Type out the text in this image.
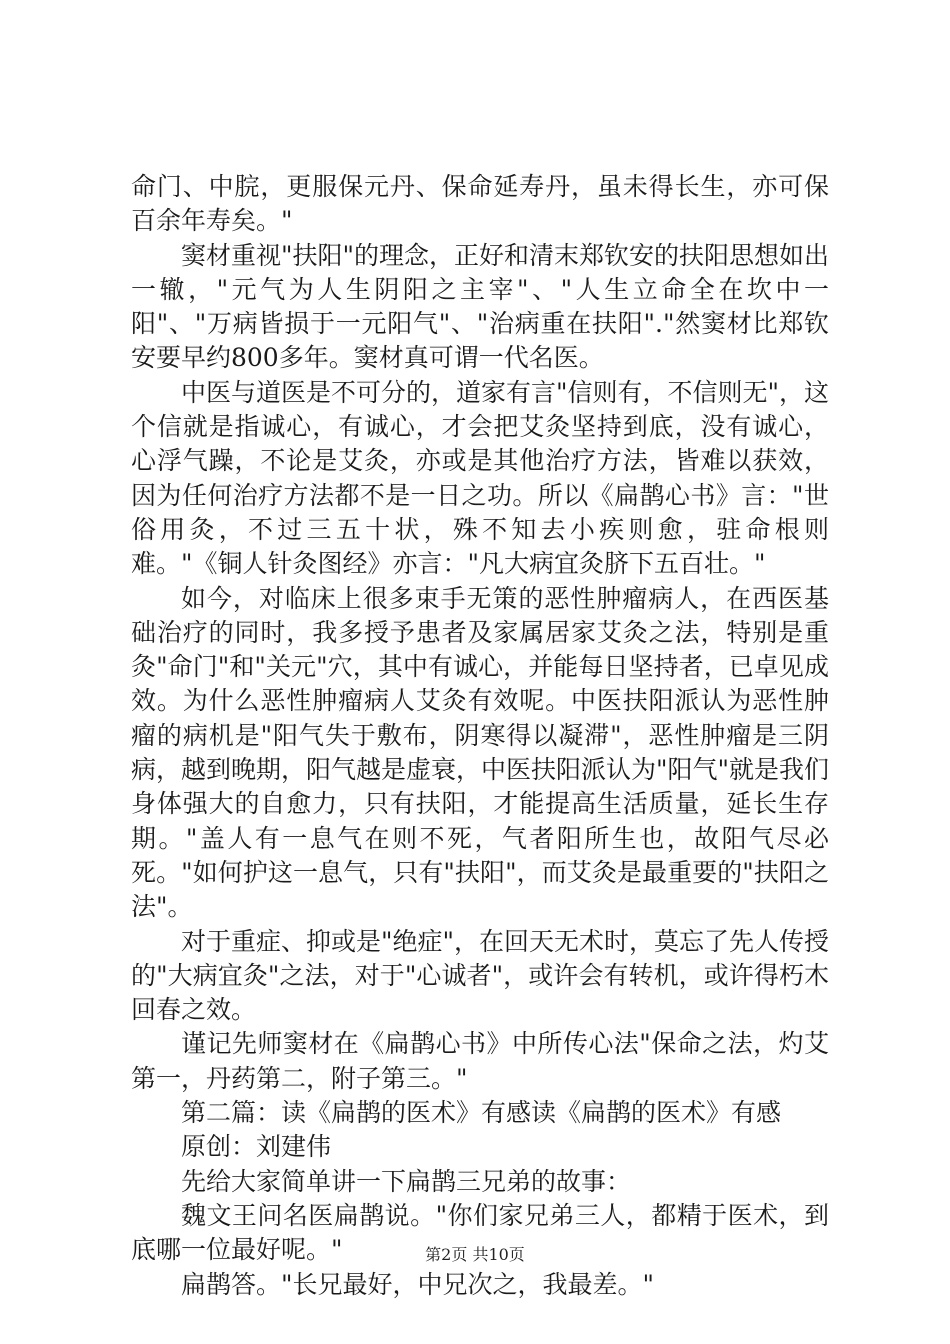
命门、中脘，更服保元丹、保命延寿丹，虽未得长生，亦可保百余年寿矣。"

窦材重视"扶阳"的理念，正好和清末郑钦安的扶阳思想如出一辙，"元气为人生阴阳之主宰"、"人生立命全在坎中一阳"、"万病皆损于一元阳气"、"治病重在扶阳"."然窦材比郑钦安要早约800多年。窦材真可谓一代名医。

中医与道医是不可分的，道家有言"信则有，不信则无"，这个信就是指诚心，有诚心，才会把艾灸坚持到底，没有诚心，心浮气躁，不论是艾灸，亦或是其他治疗方法，皆难以获效，因为任何治疗方法都不是一日之功。所以《扁鹊心书》言："世俗用灸，不过三五十状，殊不知去小疾则愈，驻命根则难。"《铜人针灸图经》亦言："凡大病宜灸脐下五百壮。"

如今，对临床上很多束手无策的恶性肿瘤病人，在西医基础治疗的同时，我多授予患者及家属居家艾灸之法，特别是重灸"命门"和"关元"穴，其中有诚心，并能每日坚持者，已卓见成效。为什么恶性肿瘤病人艾灸有效呢。中医扶阳派认为恶性肿瘤的病机是"阳气失于敷布，阴寒得以凝滞"，恶性肿瘤是三阴病，越到晚期，阳气越是虚衰，中医扶阳派认为"阳气"就是我们身体强大的自愈力，只有扶阳，才能提高生活质量，延长生存期。"盖人有一息气在则不死，气者阳所生也，故阳气尽必死。"如何护这一息气，只有"扶阳"，而艾灸是最重要的"扶阳之法"。

对于重症、抑或是"绝症"，在回天无术时，莫忘了先人传授的"大病宜灸"之法，对于"心诚者"，或许会有转机，或许得朽木回春之效。

谨记先师窦材在《扁鹊心书》中所传心法"保命之法，灼艾第一，丹药第二，附子第三。"

第二篇：读《扁鹊的医术》有感读《扁鹊的医术》有感

原创：刘建伟

先给大家简单讲一下扁鹊三兄弟的故事：

魏文王问名医扁鹊说。"你们家兄弟三人，都精于医术，到底哪一位最好呢。"

扁鹊答。"长兄最好，中兄次之，我最差。"

第2页 共10页
